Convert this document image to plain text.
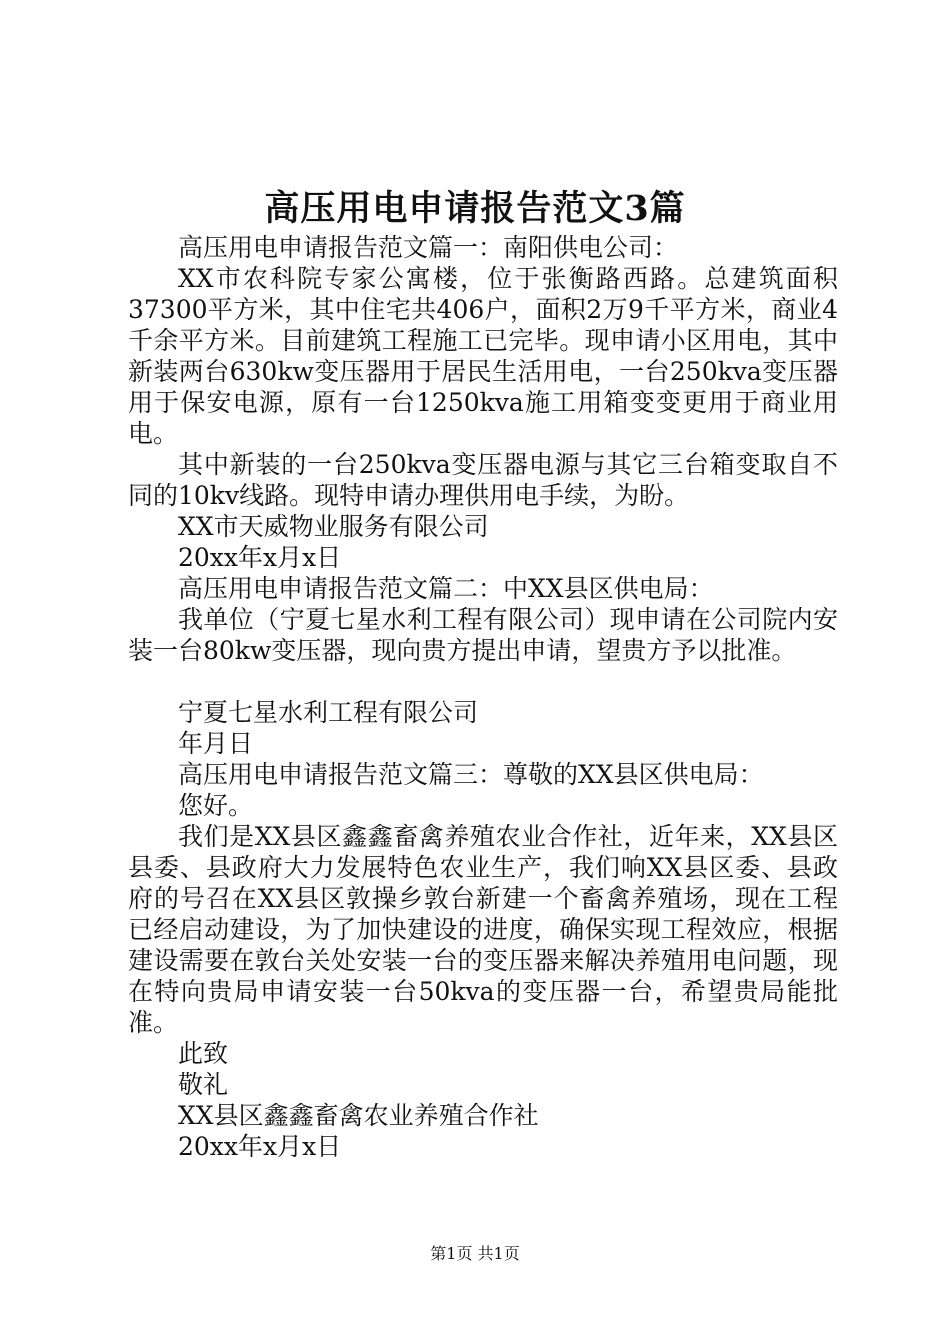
高压用电申请报告范文3篇

高压用电申请报告范文篇一：南阳供电公司：

XX市农科院专家公寓楼，位于张衡路西路。总建筑面积37300平方米，其中住宅共406户，面积2万9千平方米，商业4千余平方米。目前建筑工程施工已完毕。现申请小区用电，其中新装两台630kw变压器用于居民生活用电，一台250kva变压器用于保安电源，原有一台1250kva施工用箱变变更用于商业用电。

其中新装的一台250kva变压器电源与其它三台箱变取自不同的10kv线路。现特申请办理供用电手续，为盼。

XX市天威物业服务有限公司

20xx年x月x日

高压用电申请报告范文篇二：中XX县区供电局：

我单位（宁夏七星水利工程有限公司）现申请在公司院内安装一台80kw变压器，现向贵方提出申请，望贵方予以批准。

宁夏七星水利工程有限公司

年月日

高压用电申请报告范文篇三：尊敬的XX县区供电局：

您好。

我们是XX县区鑫鑫畜禽养殖农业合作社，近年来，XX县区县委、县政府大力发展特色农业生产，我们响XX县区委、县政府的号召在XX县区敦操乡敦台新建一个畜禽养殖场，现在工程已经启动建设，为了加快建设的进度，确保实现工程效应，根据建设需要在敦台关处安装一台的变压器来解决养殖用电问题，现在特向贵局申请安装一台50kva的变压器一台，希望贵局能批准。

此致

敬礼

XX县区鑫鑫畜禽农业养殖合作社

20xx年x月x日

第1页 共1页
